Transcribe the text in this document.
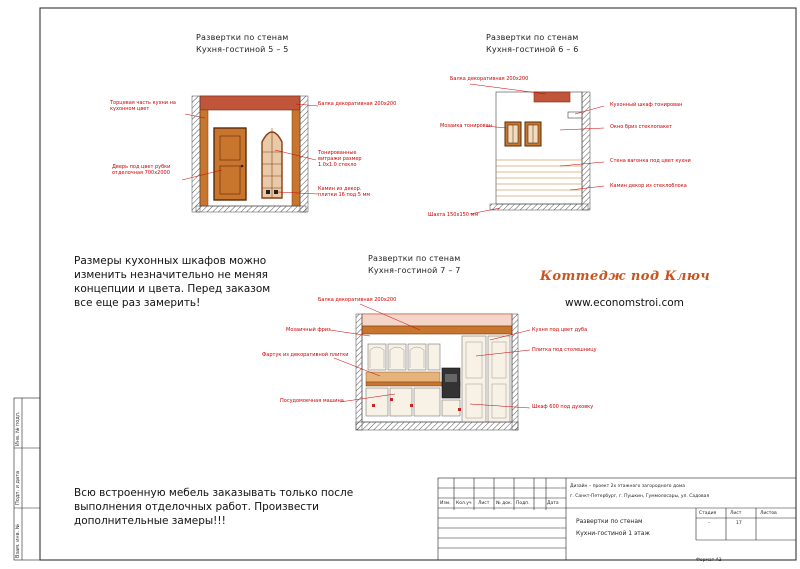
Развертки по стенам
Кухня-гостиной 5 – 5
Развертки по стенам
Кухня-гостиной 6 – 6
Развертки по стенам
Кухня-гостиной 7 – 7
Торцевая часть кухни на кухонном цвет
Балка декоративная 200х200
Дверь под цвет рубки отделочная 700х2000
Тонированные витражи размер 1.0х1.0 стекло
Камин из декор. плитки 16 под 5 мм
Балка декоративная 200х200
Кухонный шкаф тонирован
Мозаика тонирован	Окно бриз стеклопакет
Стена вагонка под цвет кухни
Камин декор из стеклоблока
Шахта 150х150 мм
Балка декоративная 200х200
Мозаичный фриз
Фартук из декоративной плитки
Кухня под цвет дуба
Плитка под столешницу
Посудомоечная машина
Шкаф 600 под духовку
Размеры кухонных шкафов можно изменить незначительно не меняя концепции и цвета. Перед заказом все еще раз замерить!
Всю встроенную мебель заказывать только после выполнения отделочных работ. Произвести дополнительные замеры!!!
Коттедж под Ключ
www.economstroi.com
Дизайн – проект 2х этажного загородного дома
г. Санкт-Петербург, г. Пушкин, Гуммолосары, ул. Садовая
Развертки по стенам
Кухни-гостиной 1 этаж
Стадия	Лист	Листов
–	17
Изм. Кол.уч Лист № док. Подп.	Дата
Формат А3
Инв. № подл.
Подп. и дата
Взам. инв. №
